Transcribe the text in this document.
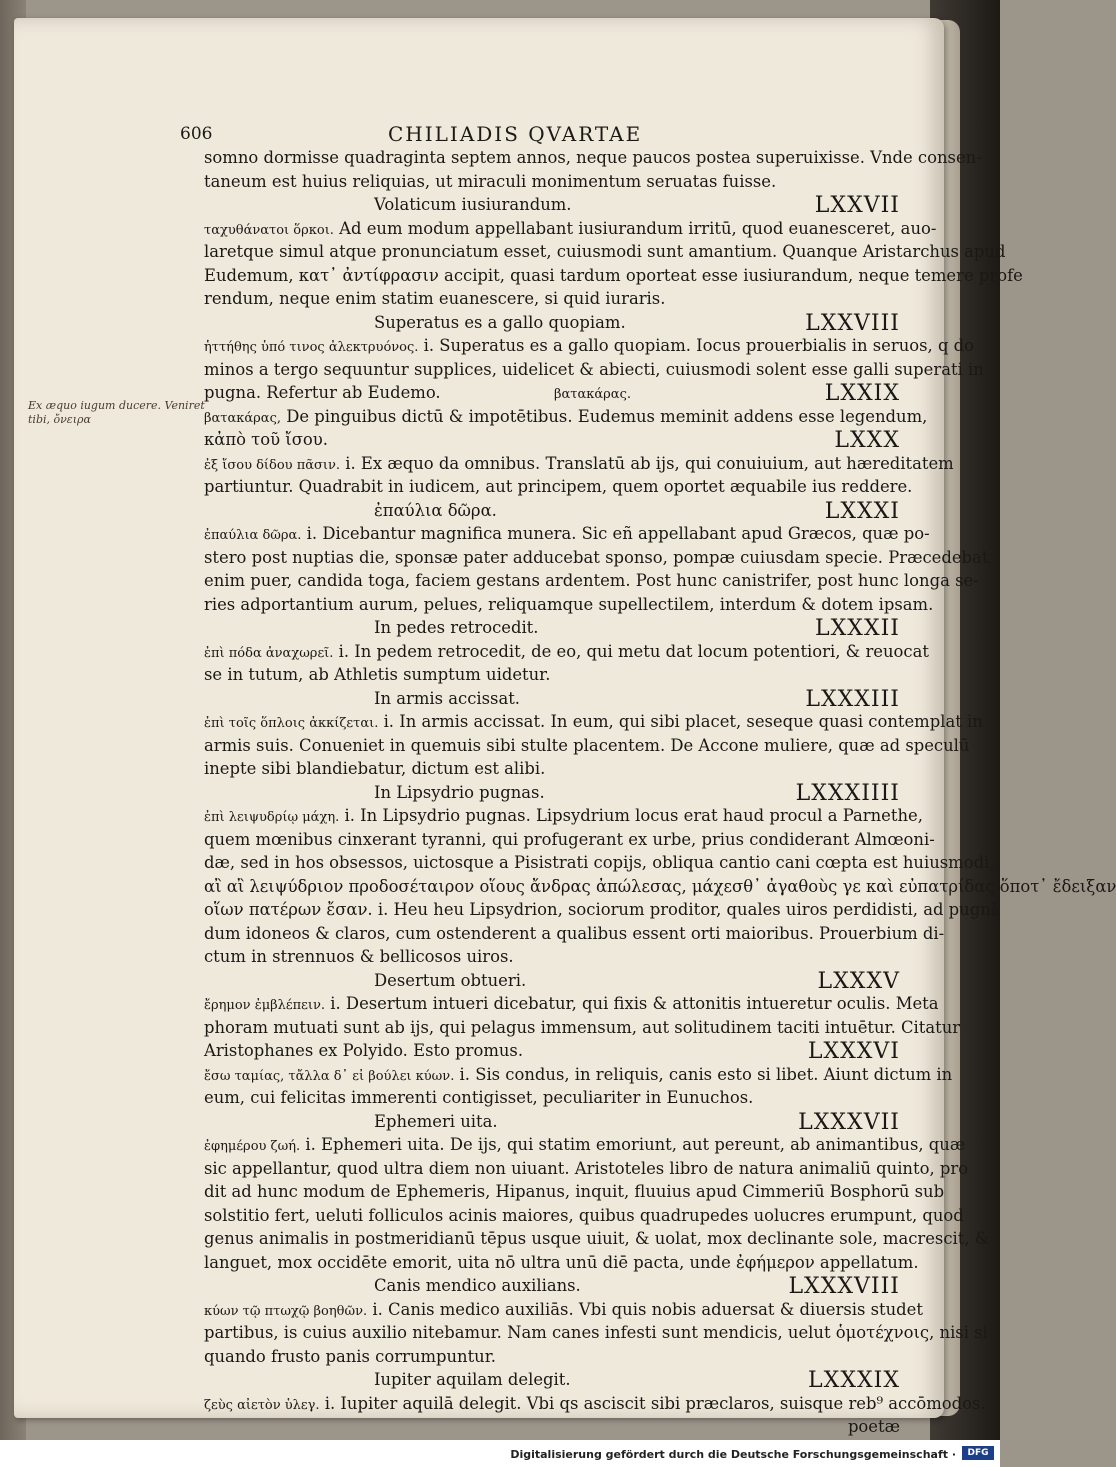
606	CHILIADIS QVARTAE
Ex æquo iugum ducere. Veniret tibi, ὄνειρα
somno dormisse quadraginta septem annos, neque paucos postea superuixisse. Vnde consen-
taneum est huius reliquias, ut miraculi monimentum seruatas fuisse.
Volaticum iusiurandum.	LXXVII
ταχυθάνατοι ὅρκοι. Ad eum modum appellabant iusiurandum irritū, quod euanesceret, auo-
laretque simul atque pronunciatum esset, cuiusmodi sunt amantium. Quanque Aristarchus apud
Eudemum, κατ᾽ ἀντίφρασιν accipit, quasi tardum oporteat esse iusiurandum, neque temere profe
rendum, neque enim statim euanescere, si quid iuraris.
Superatus es a gallo quopiam.	LXXVIII
ἡττήθης ὑπό τινος ἀλεκτρυόνος. i. Superatus es a gallo quopiam. Iocus prouerbialis in seruos, q do
minos a tergo sequuntur supplices, uidelicet & abiecti, cuiusmodi solent esse galli superati in
pugna. Refertur ab Eudemo.	βατακάρας.	LXXIX
βατακάρας, De pinguibus dictū & impotētibus. Eudemus meminit addens esse legendum,
κἀπὸ τοῦ ἴσου.	LXXX
ἐξ ἴσου δίδου πᾶσιν. i. Ex æquo da omnibus. Translatū ab ijs, qui conuiuium, aut hæreditatem
partiuntur. Quadrabit in iudicem, aut principem, quem oportet æquabile ius reddere.
ἐπαύλια δῶρα.	LXXXI
ἐπαύλια δῶρα. i. Dicebantur magnifica munera. Sic eñ appellabant apud Græcos, quæ po-
stero post nuptias die, sponsæ pater adducebat sponso, pompæ cuiusdam specie. Præcedebat
enim puer, candida toga, faciem gestans ardentem. Post hunc canistrifer, post hunc longa se-
ries adportantium aurum, pelues, reliquamque supellectilem, interdum & dotem ipsam.
In pedes retrocedit.	LXXXII
ἐπὶ πόδα ἀναχωρεῖ. i. In pedem retrocedit, de eo, qui metu dat locum potentiori, & reuocat
se in tutum, ab Athletis sumptum uidetur.
In armis accissat.	LXXXIII
ἐπὶ τοῖς ὅπλοις ἀκκίζεται. i. In armis accissat. In eum, qui sibi placet, seseque quasi contemplat in
armis suis. Conueniet in quemuis sibi stulte placentem. De Accone muliere, quæ ad speculū
inepte sibi blandiebatur, dictum est alibi.
In Lipsydrio pugnas.	LXXXIIII
ἐπὶ λειψυδρίῳ μάχη. i. In Lipsydrio pugnas. Lipsydrium locus erat haud procul a Parnethe,
quem mœnibus cinxerant tyranni, qui profugerant ex urbe, prius condiderant Almœoni-
dæ, sed in hos obsessos, uictosque a Pisistrati copijs, obliqua cantio cani cœpta est huiusmodi,
αἲ αἲ λειψύδριον προδοσέταιρον οἵους ἄνδρας ἀπώλεσας, μάχεσθ᾽ ἀγαθοὺς γε καὶ εὐπατρίδας ὅποτ᾽ ἔδειξαν
οἵων πατέρων ἔσαν. i. Heu heu Lipsydrion, sociorum proditor, quales uiros perdidisti, ad pugnā
dum idoneos & claros, cum ostenderent a qualibus essent orti maioribus. Prouerbium di-
ctum in strennuos & bellicosos uiros.
Desertum obtueri.	LXXXV
ἔρημον ἐμβλέπειν. i. Desertum intueri dicebatur, qui fixis & attonitis intueretur oculis. Meta
phoram mutuati sunt ab ijs, qui pelagus immensum, aut solitudinem taciti intuētur. Citatur
Aristophanes ex Polyido. Esto promus.	LXXXVI
ἔσω ταμίας, τἄλλα δ᾽ εἰ βούλει κύων. i. Sis condus, in reliquis, canis esto si libet. Aiunt dictum in
eum, cui felicitas immerenti contigisset, peculiariter in Eunuchos.
Ephemeri uita.	LXXXVII
ἐφημέρου ζωή. i. Ephemeri uita. De ijs, qui statim emoriunt, aut pereunt, ab animantibus, quæ
sic appellantur, quod ultra diem non uiuant. Aristoteles libro de natura animaliū quinto, pro
dit ad hunc modum de Ephemeris, Hipanus, inquit, fluuius apud Cimmeriū Bosphorū sub
solstitio fert, ueluti folliculos acinis maiores, quibus quadrupedes uolucres erumpunt, quod
genus animalis in postmeridianū tēpus usque uiuit, & uolat, mox declinante sole, macrescit, &
languet, mox occidēte emorit, uita nō ultra unū diē pacta, unde ἐφήμερον appellatum.
Canis mendico auxilians.	LXXXVIII
κύων τῷ πτωχῷ βοηθῶν. i. Canis medico auxiliās. Vbi quis nobis aduersat & diuersis studet
partibus, is cuius auxilio nitebamur. Nam canes infesti sunt mendicis, uelut ὁμοτέχνοις, nisi si
quando frusto panis corrumpuntur.
Iupiter aquilam delegit.	LXXXIX
ζεὺς αἰετὸν ὑλεγ. i. Iupiter aquilā delegit. Vbi qs asciscit sibi præclaros, suisque reb⁹ accōmodos.
poetæ
Digitalisierung gefördert durch die Deutsche Forschungsgemeinschaft ·	DFG
